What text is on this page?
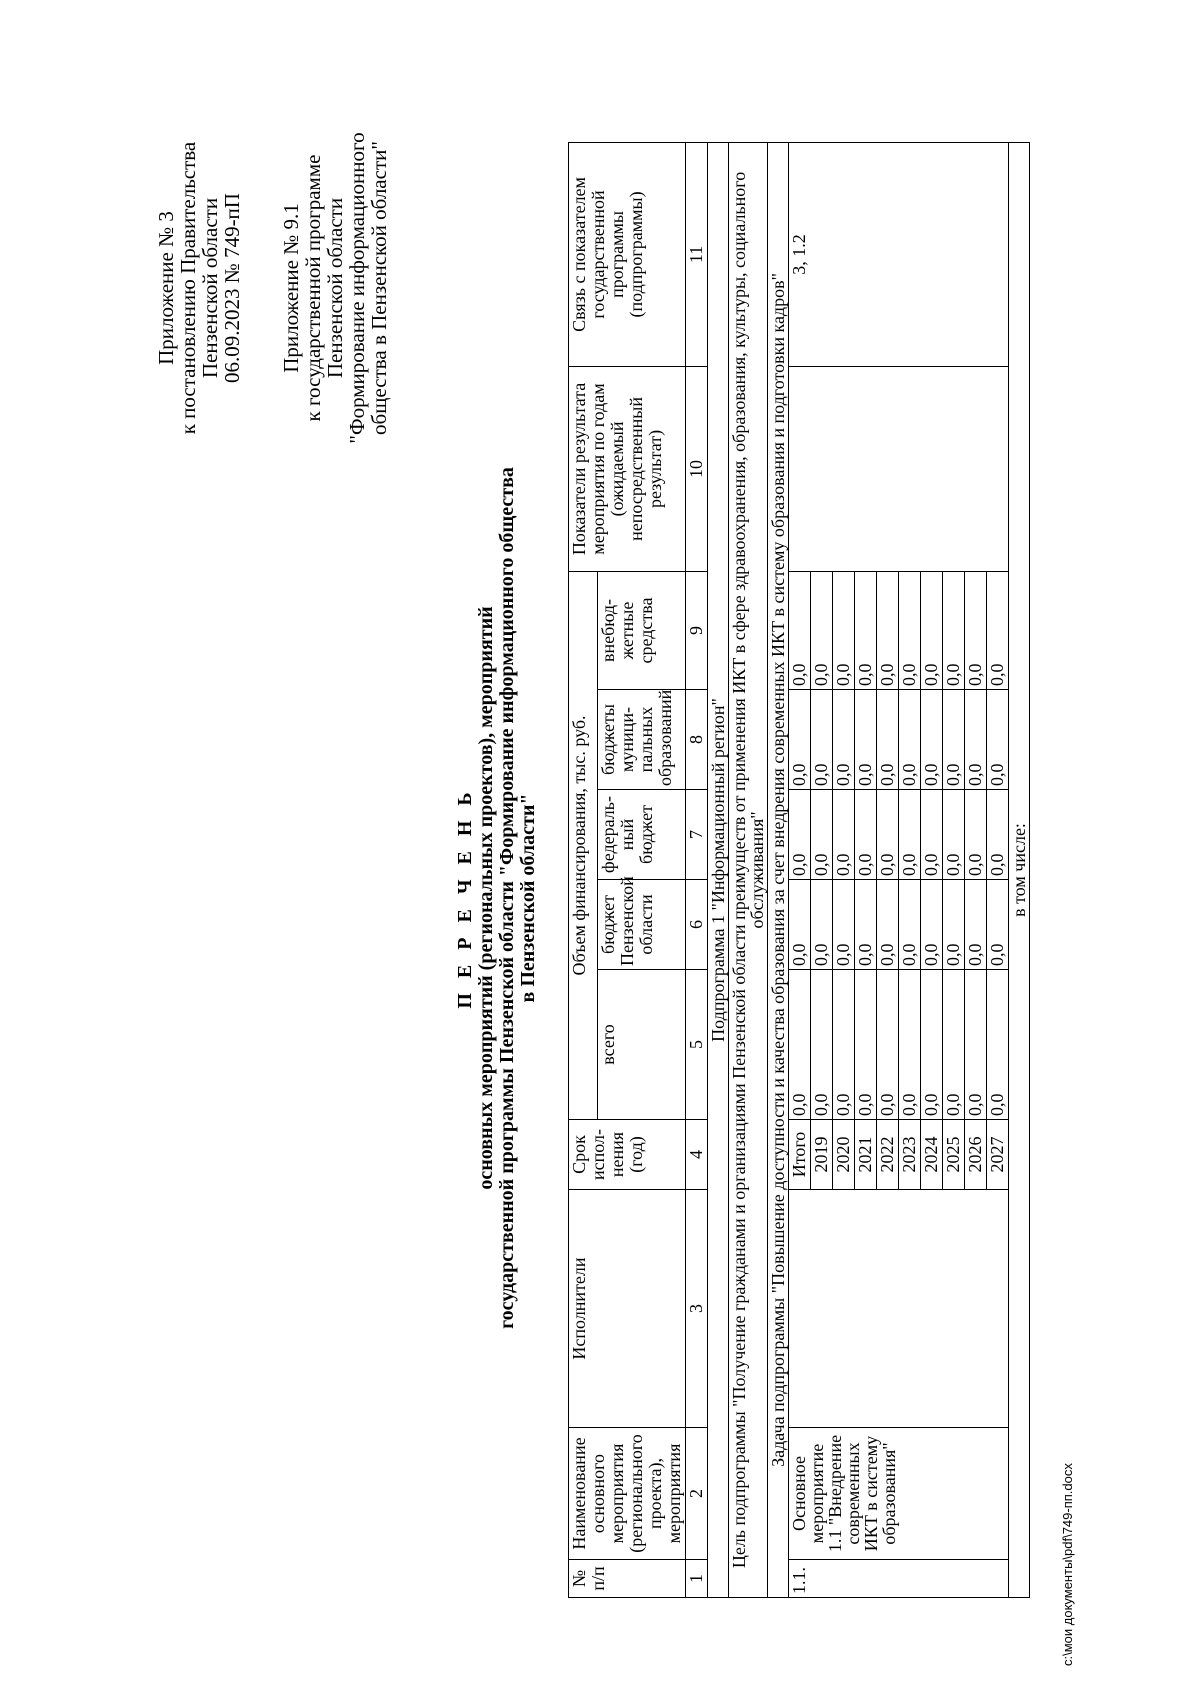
Приложение № 3
к постановлению Правительства
Пензенской области
06.09.2023 № 749-пП Приложение № 9.1
к государственной программе
Пензенской области
"Формирование информационного
общества в Пензенской области"
П Е Р Е Ч Е Н Ь основных мероприятий (региональных проектов), мероприятий государственной программы Пензенской области "Формирование информационного общества в Пензенской области"
№ п/п	Наименование основного мероприятия (регионального проекта), мероприятия	Исполнители	Срок испол- нения (год)	Объем финансирования, тыс. руб.					Показатели результата мероприятия по годам (ожидаемый непосредственный результат)	Связь с показателем государственной программы (подпрограммы)
				всего	бюджет Пензенской области	федераль- ный бюджет	бюджеты муници- пальных образований	внебюд- жетные средства		
1	2	3	4	5	6	7	8	9	10	11
Подпрограмма 1 "Информационный регион"										
Цель подпрограммы "Получение гражданами и организациями Пензенской области преимуществ от применения ИКТ в сфере здравоохранения, образования, культуры, социального обслуживания"										
Задача подпрограммы "Повышение доступности и качества образования за счет внедрения современных ИКТ в систему образования и подготовки кадров"										
1.1.	Основное мероприятие 1.1 "Внедрение современных ИКТ в систему образования"		Итого	0,0	0,0	0,0	0,0	0,0		3, 1.2
			2019	0,0	0,0	0,0	0,0	0,0		
			2020	0,0	0,0	0,0	0,0	0,0		
			2021	0,0	0,0	0,0	0,0	0,0		
			2022	0,0	0,0	0,0	0,0	0,0		
			2023	0,0	0,0	0,0	0,0	0,0		
			2024	0,0	0,0	0,0	0,0	0,0		
			2025	0,0	0,0	0,0	0,0	0,0		
			2026	0,0	0,0	0,0	0,0	0,0		
			2027	0,0	0,0	0,0	0,0	0,0		
в том числе:										
c:\мои документы\pdf\749-пп.docx
